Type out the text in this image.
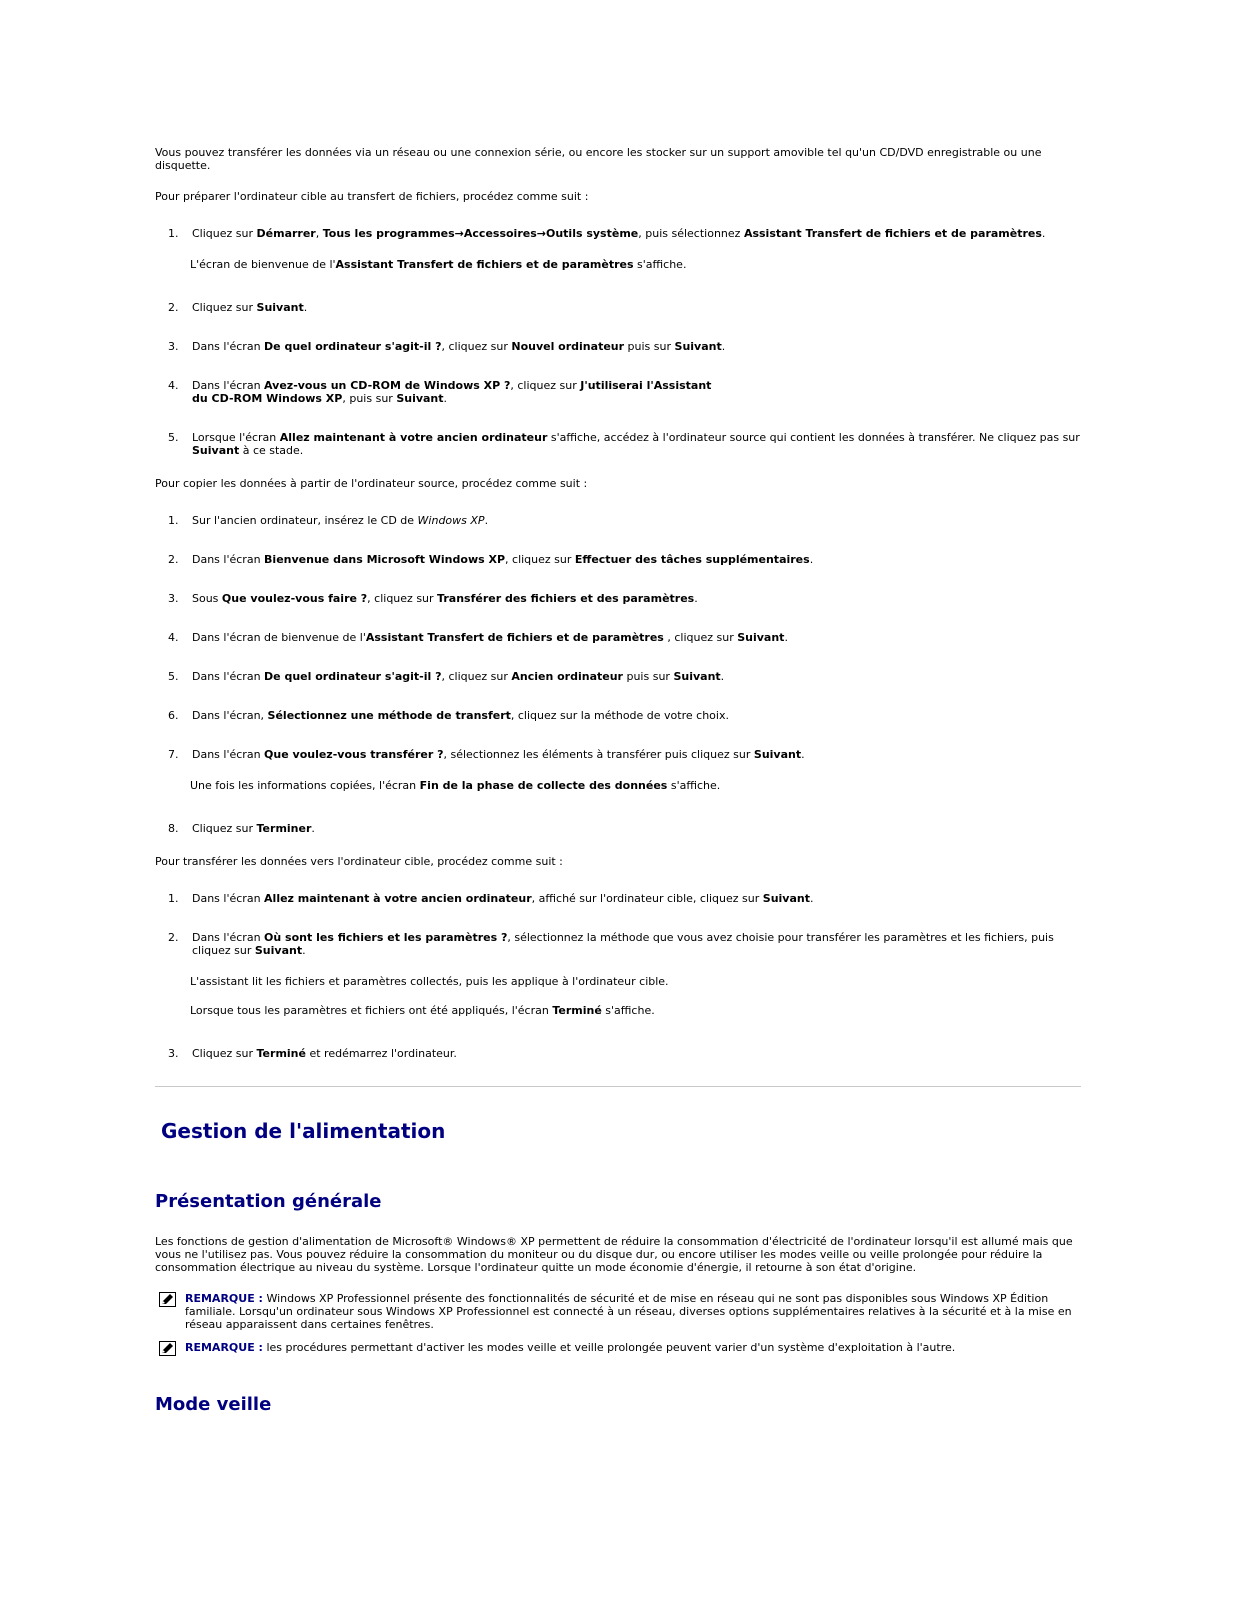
Vous pouvez transférer les données via un réseau ou une connexion série, ou encore les stocker sur un support amovible tel qu'un CD/DVD enregistrable ou une disquette.

Pour préparer l'ordinateur cible au transfert de fichiers, procédez comme suit :

1. Cliquez sur Démarrer, Tous les programmes→Accessoires→Outils système, puis sélectionnez Assistant Transfert de fichiers et de paramètres.

L'écran de bienvenue de l'Assistant Transfert de fichiers et de paramètres s'affiche.

2. Cliquez sur Suivant.
3. Dans l'écran De quel ordinateur s'agit-il ?, cliquez sur Nouvel ordinateur puis sur Suivant.
4. Dans l'écran Avez-vous un CD-ROM de Windows XP ?, cliquez sur J'utiliserai l'Assistant
du CD-ROM Windows XP, puis sur Suivant.
5. Lorsque l'écran Allez maintenant à votre ancien ordinateur s'affiche, accédez à l'ordinateur source qui contient les données à transférer. Ne cliquez pas sur Suivant à ce stade.

Pour copier les données à partir de l'ordinateur source, procédez comme suit :

1. Sur l'ancien ordinateur, insérez le CD de Windows XP.
2. Dans l'écran Bienvenue dans Microsoft Windows XP, cliquez sur Effectuer des tâches supplémentaires.
3. Sous Que voulez-vous faire ?, cliquez sur Transférer des fichiers et des paramètres.
4. Dans l'écran de bienvenue de l'Assistant Transfert de fichiers et de paramètres , cliquez sur Suivant.
5. Dans l'écran De quel ordinateur s'agit-il ?, cliquez sur Ancien ordinateur puis sur Suivant.
6. Dans l'écran, Sélectionnez une méthode de transfert, cliquez sur la méthode de votre choix.
7. Dans l'écran Que voulez-vous transférer ?, sélectionnez les éléments à transférer puis cliquez sur Suivant.

Une fois les informations copiées, l'écran Fin de la phase de collecte des données s'affiche.

8. Cliquez sur Terminer.

Pour transférer les données vers l'ordinateur cible, procédez comme suit :

1. Dans l'écran Allez maintenant à votre ancien ordinateur, affiché sur l'ordinateur cible, cliquez sur Suivant.
2. Dans l'écran Où sont les fichiers et les paramètres ?, sélectionnez la méthode que vous avez choisie pour transférer les paramètres et les fichiers, puis cliquez sur Suivant.

L'assistant lit les fichiers et paramètres collectés, puis les applique à l'ordinateur cible.

Lorsque tous les paramètres et fichiers ont été appliqués, l'écran Terminé s'affiche.

3. Cliquez sur Terminé et redémarrez l'ordinateur.
Gestion de l'alimentation
Présentation générale

Les fonctions de gestion d'alimentation de Microsoft® Windows® XP permettent de réduire la consommation d'électricité de l'ordinateur lorsqu'il est allumé mais que vous ne l'utilisez pas. Vous pouvez réduire la consommation du moniteur ou du disque dur, ou encore utiliser les modes veille ou veille prolongée pour réduire la consommation électrique au niveau du système. Lorsque l'ordinateur quitte un mode économie d'énergie, il retourne à son état d'origine.

REMARQUE : Windows XP Professionnel présente des fonctionnalités de sécurité et de mise en réseau qui ne sont pas disponibles sous Windows XP Édition familiale. Lorsqu'un ordinateur sous Windows XP Professionnel est connecté à un réseau, diverses options supplémentaires relatives à la sécurité et à la mise en réseau apparaissent dans certaines fenêtres.
REMARQUE : les procédures permettant d'activer les modes veille et veille prolongée peuvent varier d'un système d'exploitation à l'autre.
Mode veille
